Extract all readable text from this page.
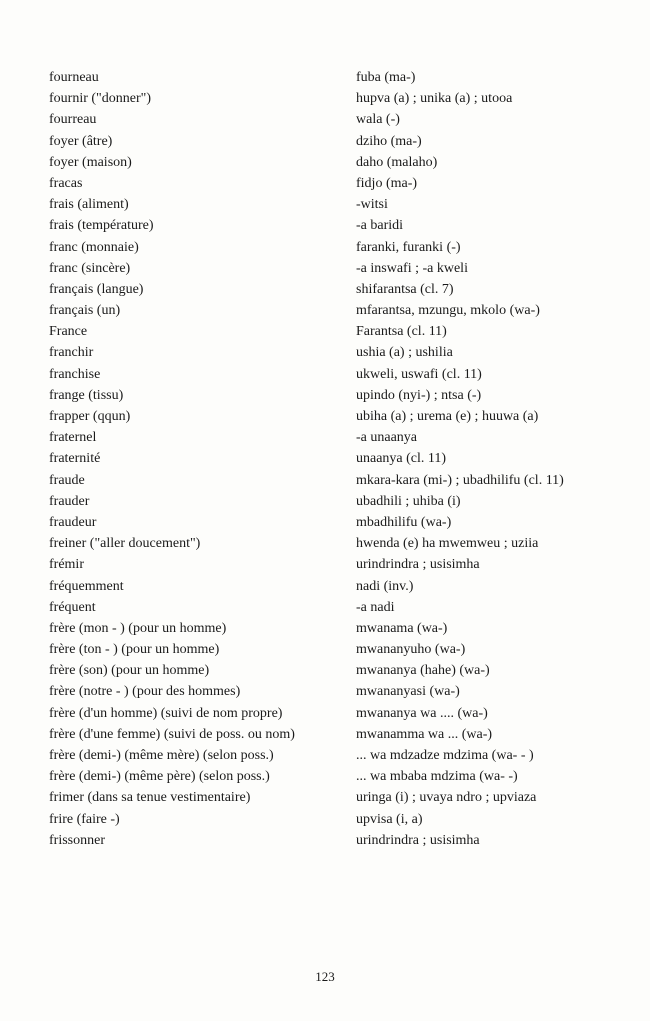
fourneau	fuba (ma-)
fournir ("donner")	hupva (a) ; unika (a) ; utooa
fourreau	wala (-)
foyer (âtre)	dziho (ma-)
foyer (maison)	daho (malaho)
fracas	fidjo (ma-)
frais (aliment)	-witsi
frais (température)	-a baridi
franc (monnaie)	faranki, furanki (-)
franc (sincère)	-a inswafi ; -a kweli
français (langue)	shifarantsa (cl. 7)
français (un)	mfarantsa, mzungu, mkolo (wa-)
France	Farantsa (cl. 11)
franchir	ushia (a) ; ushilia
franchise	ukweli, uswafi (cl. 11)
frange (tissu)	upindo (nyi-) ; ntsa (-)
frapper (qqun)	ubiha (a) ; urema (e) ; huuwa (a)
fraternel	-a unaanya
fraternité	unaanya (cl. 11)
fraude	mkara-kara (mi-) ; ubadhilifu (cl. 11)
frauder	ubadhili ; uhiba (i)
fraudeur	mbadhilifu (wa-)
freiner ("aller doucement")	hwenda (e) ha mwemweu ; uziia
frémir	urindrindra ; usisimha
fréquemment	nadi (inv.)
fréquent	-a nadi
frère (mon - ) (pour un homme)	mwanama (wa-)
frère (ton - ) (pour un homme)	mwananyuho (wa-)
frère (son) (pour un homme)	mwananya (hahe) (wa-)
frère (notre - ) (pour des hommes)	mwananyasi (wa-)
frère (d'un homme) (suivi de nom propre)	mwananya wa .... (wa-)
frère (d'une femme) (suivi de poss. ou nom)	mwanamma wa ... (wa-)
frère (demi-) (même mère) (selon poss.)	... wa mdzadze mdzima (wa- - )
frère (demi-) (même père) (selon poss.)	... wa mbaba mdzima (wa- -)
frimer (dans sa tenue vestimentaire)	uringa (i) ; uvaya ndro ; upviaza
frire (faire -)	upvisa (i, a)
frissonner	urindrindra ; usisimha
123
